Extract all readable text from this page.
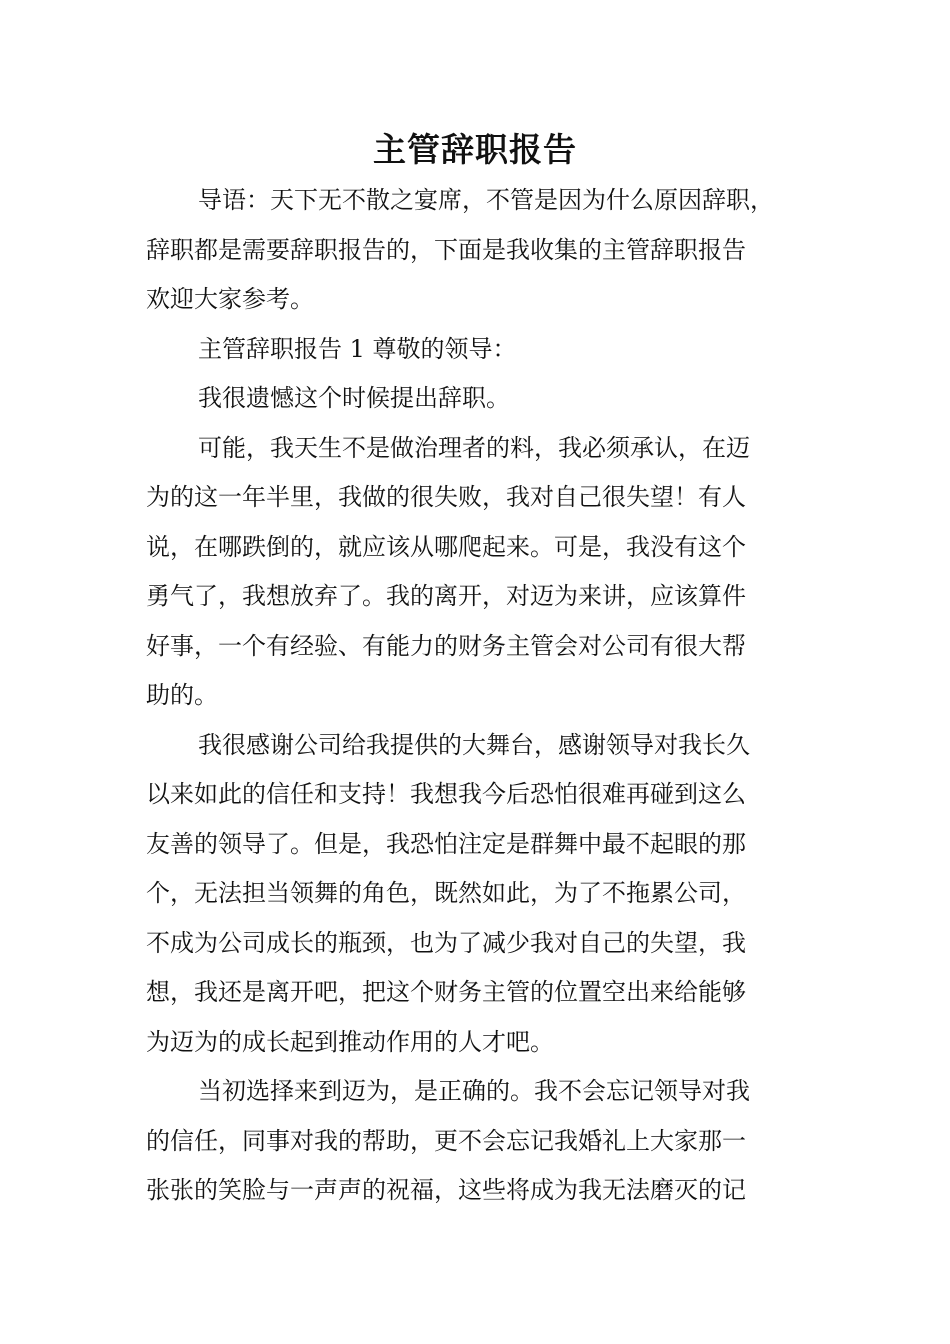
主管辞职报告
导语：天下无不散之宴席，不管是因为什么原因辞职，
辞职都是需要辞职报告的，下面是我收集的主管辞职报告
欢迎大家参考。
主管辞职报告 1 尊敬的领导：
我很遗憾这个时候提出辞职。
可能，我天生不是做治理者的料，我必须承认，在迈
为的这一年半里，我做的很失败，我对自己很失望！有人
说，在哪跌倒的，就应该从哪爬起来。可是，我没有这个
勇气了，我想放弃了。我的离开，对迈为来讲，应该算件
好事，一个有经验、有能力的财务主管会对公司有很大帮
助的。
我很感谢公司给我提供的大舞台，感谢领导对我长久
以来如此的信任和支持！我想我今后恐怕很难再碰到这么
友善的领导了。但是，我恐怕注定是群舞中最不起眼的那
个，无法担当领舞的角色，既然如此，为了不拖累公司，
不成为公司成长的瓶颈，也为了减少我对自己的失望，我
想，我还是离开吧，把这个财务主管的位置空出来给能够
为迈为的成长起到推动作用的人才吧。
当初选择来到迈为，是正确的。我不会忘记领导对我
的信任，同事对我的帮助，更不会忘记我婚礼上大家那一
张张的笑脸与一声声的祝福，这些将成为我无法磨灭的记
